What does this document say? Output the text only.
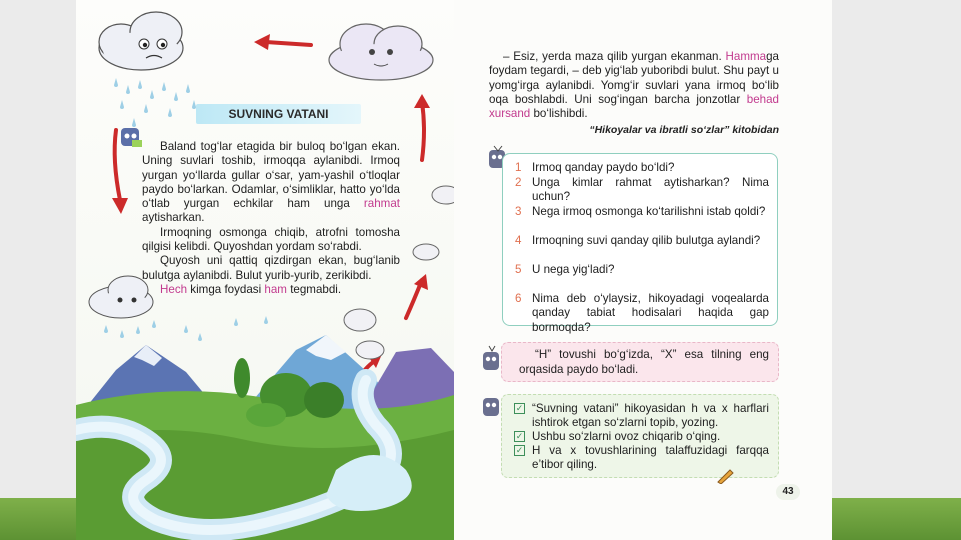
SUVNING VATANI

Baland tog‘lar etagida bir buloq bo‘lgan ekan. Uning suvlari toshib, irmoqqa aylanibdi. Irmoq yurgan yo‘llarda gullar o‘sar, yam-yashil o‘tloqlar paydo bo‘larkan. Odamlar, o‘simliklar, hatto yo‘lda o‘tlab yurgan echkilar ham unga rahmat aytisharkan.

Irmoqning osmonga chiqib, atrofni tomosha qilgisi kelibdi. Quyoshdan yordam so‘rabdi.

Quyosh uni qattiq qizdirgan ekan, bug‘lanib bulutga aylanibdi. Bulut yurib-yurib, zerikibdi.

Hech kimga foydasi ham tegmabdi.

– Esiz, yerda maza qilib yurgan ekanman. Hammaga foydam tegardi, – deb yig‘lab yuboribdi bulut. Shu payt u yomg‘irga aylanibdi. Yomg‘ir suvlari yana irmoq bo‘lib oqa boshlabdi. Uni sog‘ingan barcha jonzotlar behad xursand bo‘lishibdi.

“Hikoyalar va ibratli so‘zlar” kitobidan
1 Irmoq qanday paydo bo‘ldi?
2 Unga kimlar rahmat aytisharkan? Nima uchun?
3 Nega irmoq osmonga ko‘tarilishni istab qoldi?
4 Irmoqning suvi qanday qilib bulutga aylandi?
5 U nega yig‘ladi?
6 Nima deb o‘ylaysiz, hikoyadagi voqealarda qanday tabiat hodisalari haqida gap bormoqda?
“H” tovushi bo‘g‘izda, “X” esa tilning eng orqasida paydo bo‘ladi.
✓ “Suvning vatani” hikoyasidan h va x harflari ishtirok etgan so‘zlarni topib, yozing.
✓ Ushbu so‘zlarni ovoz chiqarib o‘qing.
✓ H va x tovushlarining talaffuzidagi farqqa e’tibor qiling.
43
